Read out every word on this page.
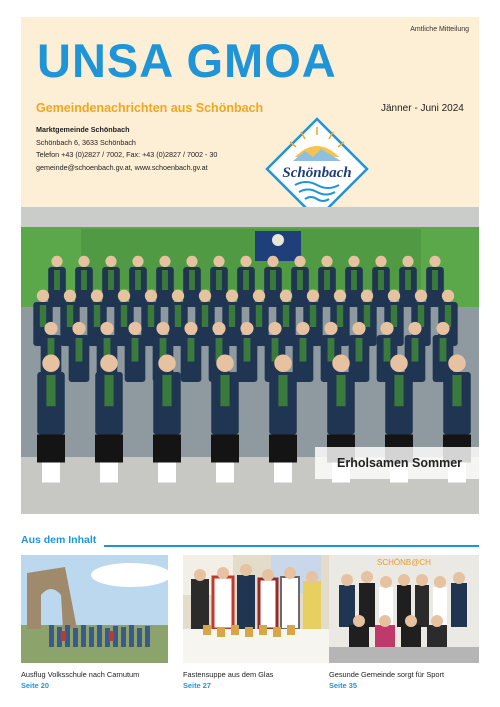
Amtliche Mitteilung
UNSA GMOA
Gemeindenachrichten aus Schönbach	Jänner - Juni 2024
Marktgemeinde Schönbach
Schönbach 6, 3633 Schönbach
Telefon +43 (0)2827 / 7002, Fax: +43 (0)2827 / 7002 - 30
gemeinde@schoenbach.gv.at, www.schoenbach.gv.at	Schönbach
Erholsamen Sommer
Aus dem Inhalt
Ausflug Volksschule nach Carnutum
Seite 20
Fastensuppe aus dem Glas
Seite 27
SCHÖNB@CH
Gesunde Gemeinde sorgt für Sport
Seite 35
